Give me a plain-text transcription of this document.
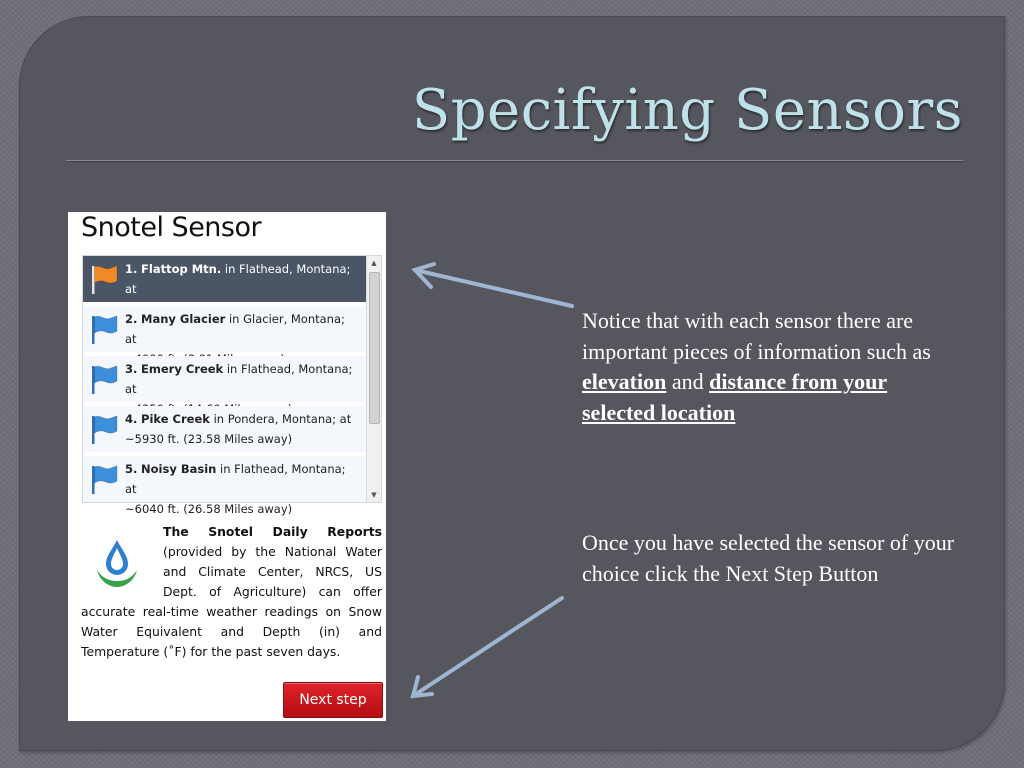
Specifying Sensors
Snotel Sensor
1. Flattop Mtn. in Flathead, Montana; at

2. Many Glacier in Glacier, Montana; at

3. Emery Creek in Flathead, Montana; at

4. Pike Creek in Pondera, Montana; at
~5930 ft. (23.58 Miles away)
5. Noisy Basin in Flathead, Montana; at
~6040 ft. (26.58 Miles away)
▲
▼
The Snotel Daily Reports (provided by the National Water and Climate Center, NRCS, US Dept. of Agriculture) can offer accurate real-time weather readings on Snow Water Equivalent and Depth (in) and Temperature (˚F) for the past seven days.
Next step
Notice that with each sensor there are important pieces of information such as elevation and distance from your selected location
Once you have selected the sensor of your choice click the Next Step Button
